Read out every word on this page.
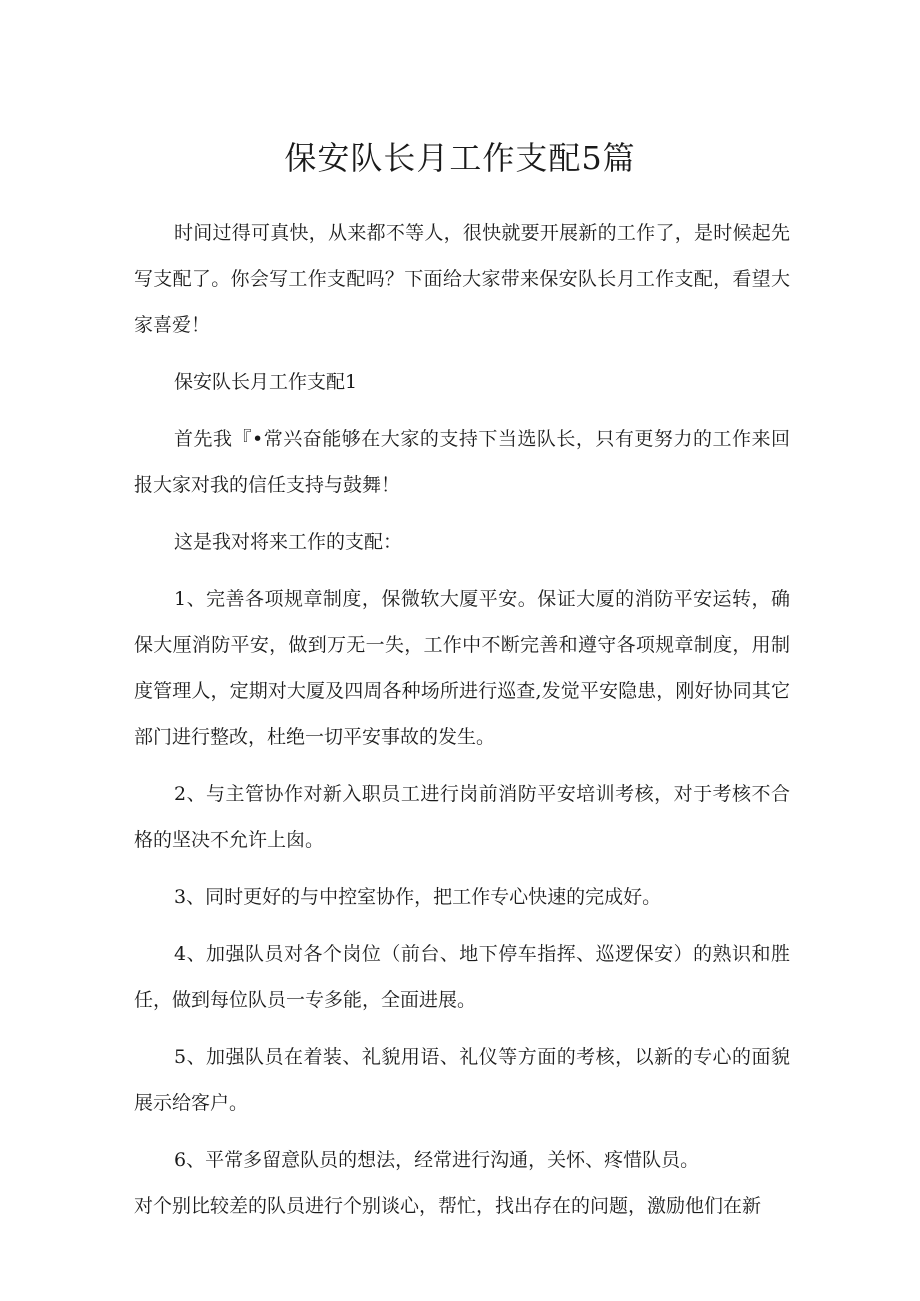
保安队长月工作支配5篇

时间过得可真快，从来都不等人，很快就要开展新的工作了，是时候起先写支配了。你会写工作支配吗？下面给大家带来保安队长月工作支配，看望大家喜爱！

保安队长月工作支配1

首先我『•常兴奋能够在大家的支持下当选队长，只有更努力的工作来回报大家对我的信任支持与鼓舞！

这是我对将来工作的支配：

1、完善各项规章制度，保微软大厦平安。保证大厦的消防平安运转，确保大厘消防平安，做到万无一失，工作中不断完善和遵守各项规章制度，用制度管理人，定期对大厦及四周各种场所进行巡查,发觉平安隐患，刚好协同其它部门进行整改，杜绝一切平安事故的发生。

2、与主管协作对新入职员工进行岗前消防平安培训考核，对于考核不合格的坚决不允许上囱。

3、同时更好的与中控室协作，把工作专心快速的完成好。

4、加强队员对各个岗位（前台、地下停车指挥、巡逻保安）的熟识和胜任，做到每位队员一专多能，全面进展。

5、加强队员在着装、礼貌用语、礼仪等方面的考核，以新的专心的面貌展示给客户。

6、平常多留意队员的想法，经常进行沟通，关怀、疼惜队员。

对个别比较差的队员进行个别谈心，帮忙，找出存在的问题，激励他们在新
